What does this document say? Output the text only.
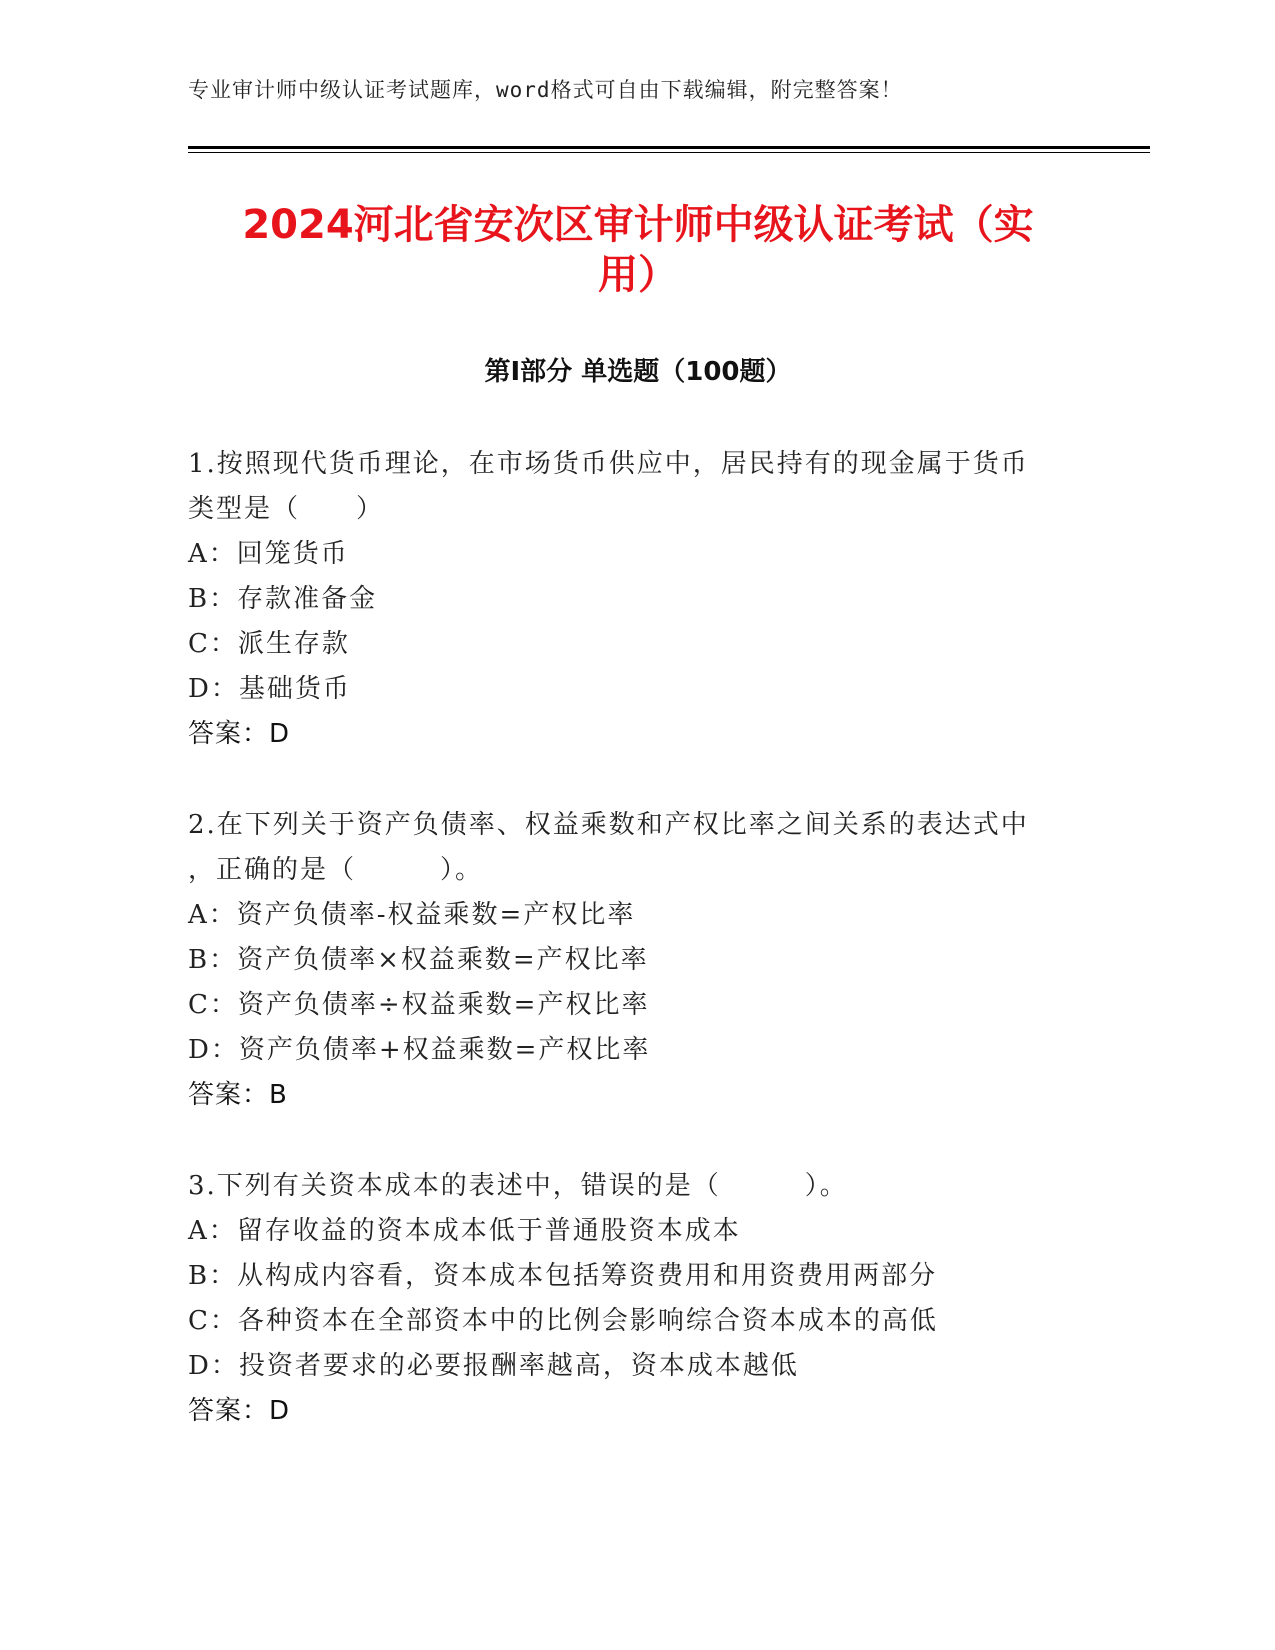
专业审计师中级认证考试题库，word格式可自由下载编辑，附完整答案！
2024河北省安次区审计师中级认证考试（实
用）
第Ⅰ部分 单选题（100题）
1.按照现代货币理论，在市场货币供应中，居民持有的现金属于货币
类型是（　　）
A：回笼货币
B：存款准备金
C：派生存款
D：基础货币
答案：D
2.在下列关于资产负债率、权益乘数和产权比率之间关系的表达式中
，正确的是（　　　）。
A：资产负债率-权益乘数=产权比率
B：资产负债率×权益乘数=产权比率
C：资产负债率÷权益乘数=产权比率
D：资产负债率+权益乘数=产权比率
答案：B
3.下列有关资本成本的表述中，错误的是（　　　）。
A：留存收益的资本成本低于普通股资本成本
B：从构成内容看，资本成本包括筹资费用和用资费用两部分
C：各种资本在全部资本中的比例会影响综合资本成本的高低
D：投资者要求的必要报酬率越高，资本成本越低
答案：D
